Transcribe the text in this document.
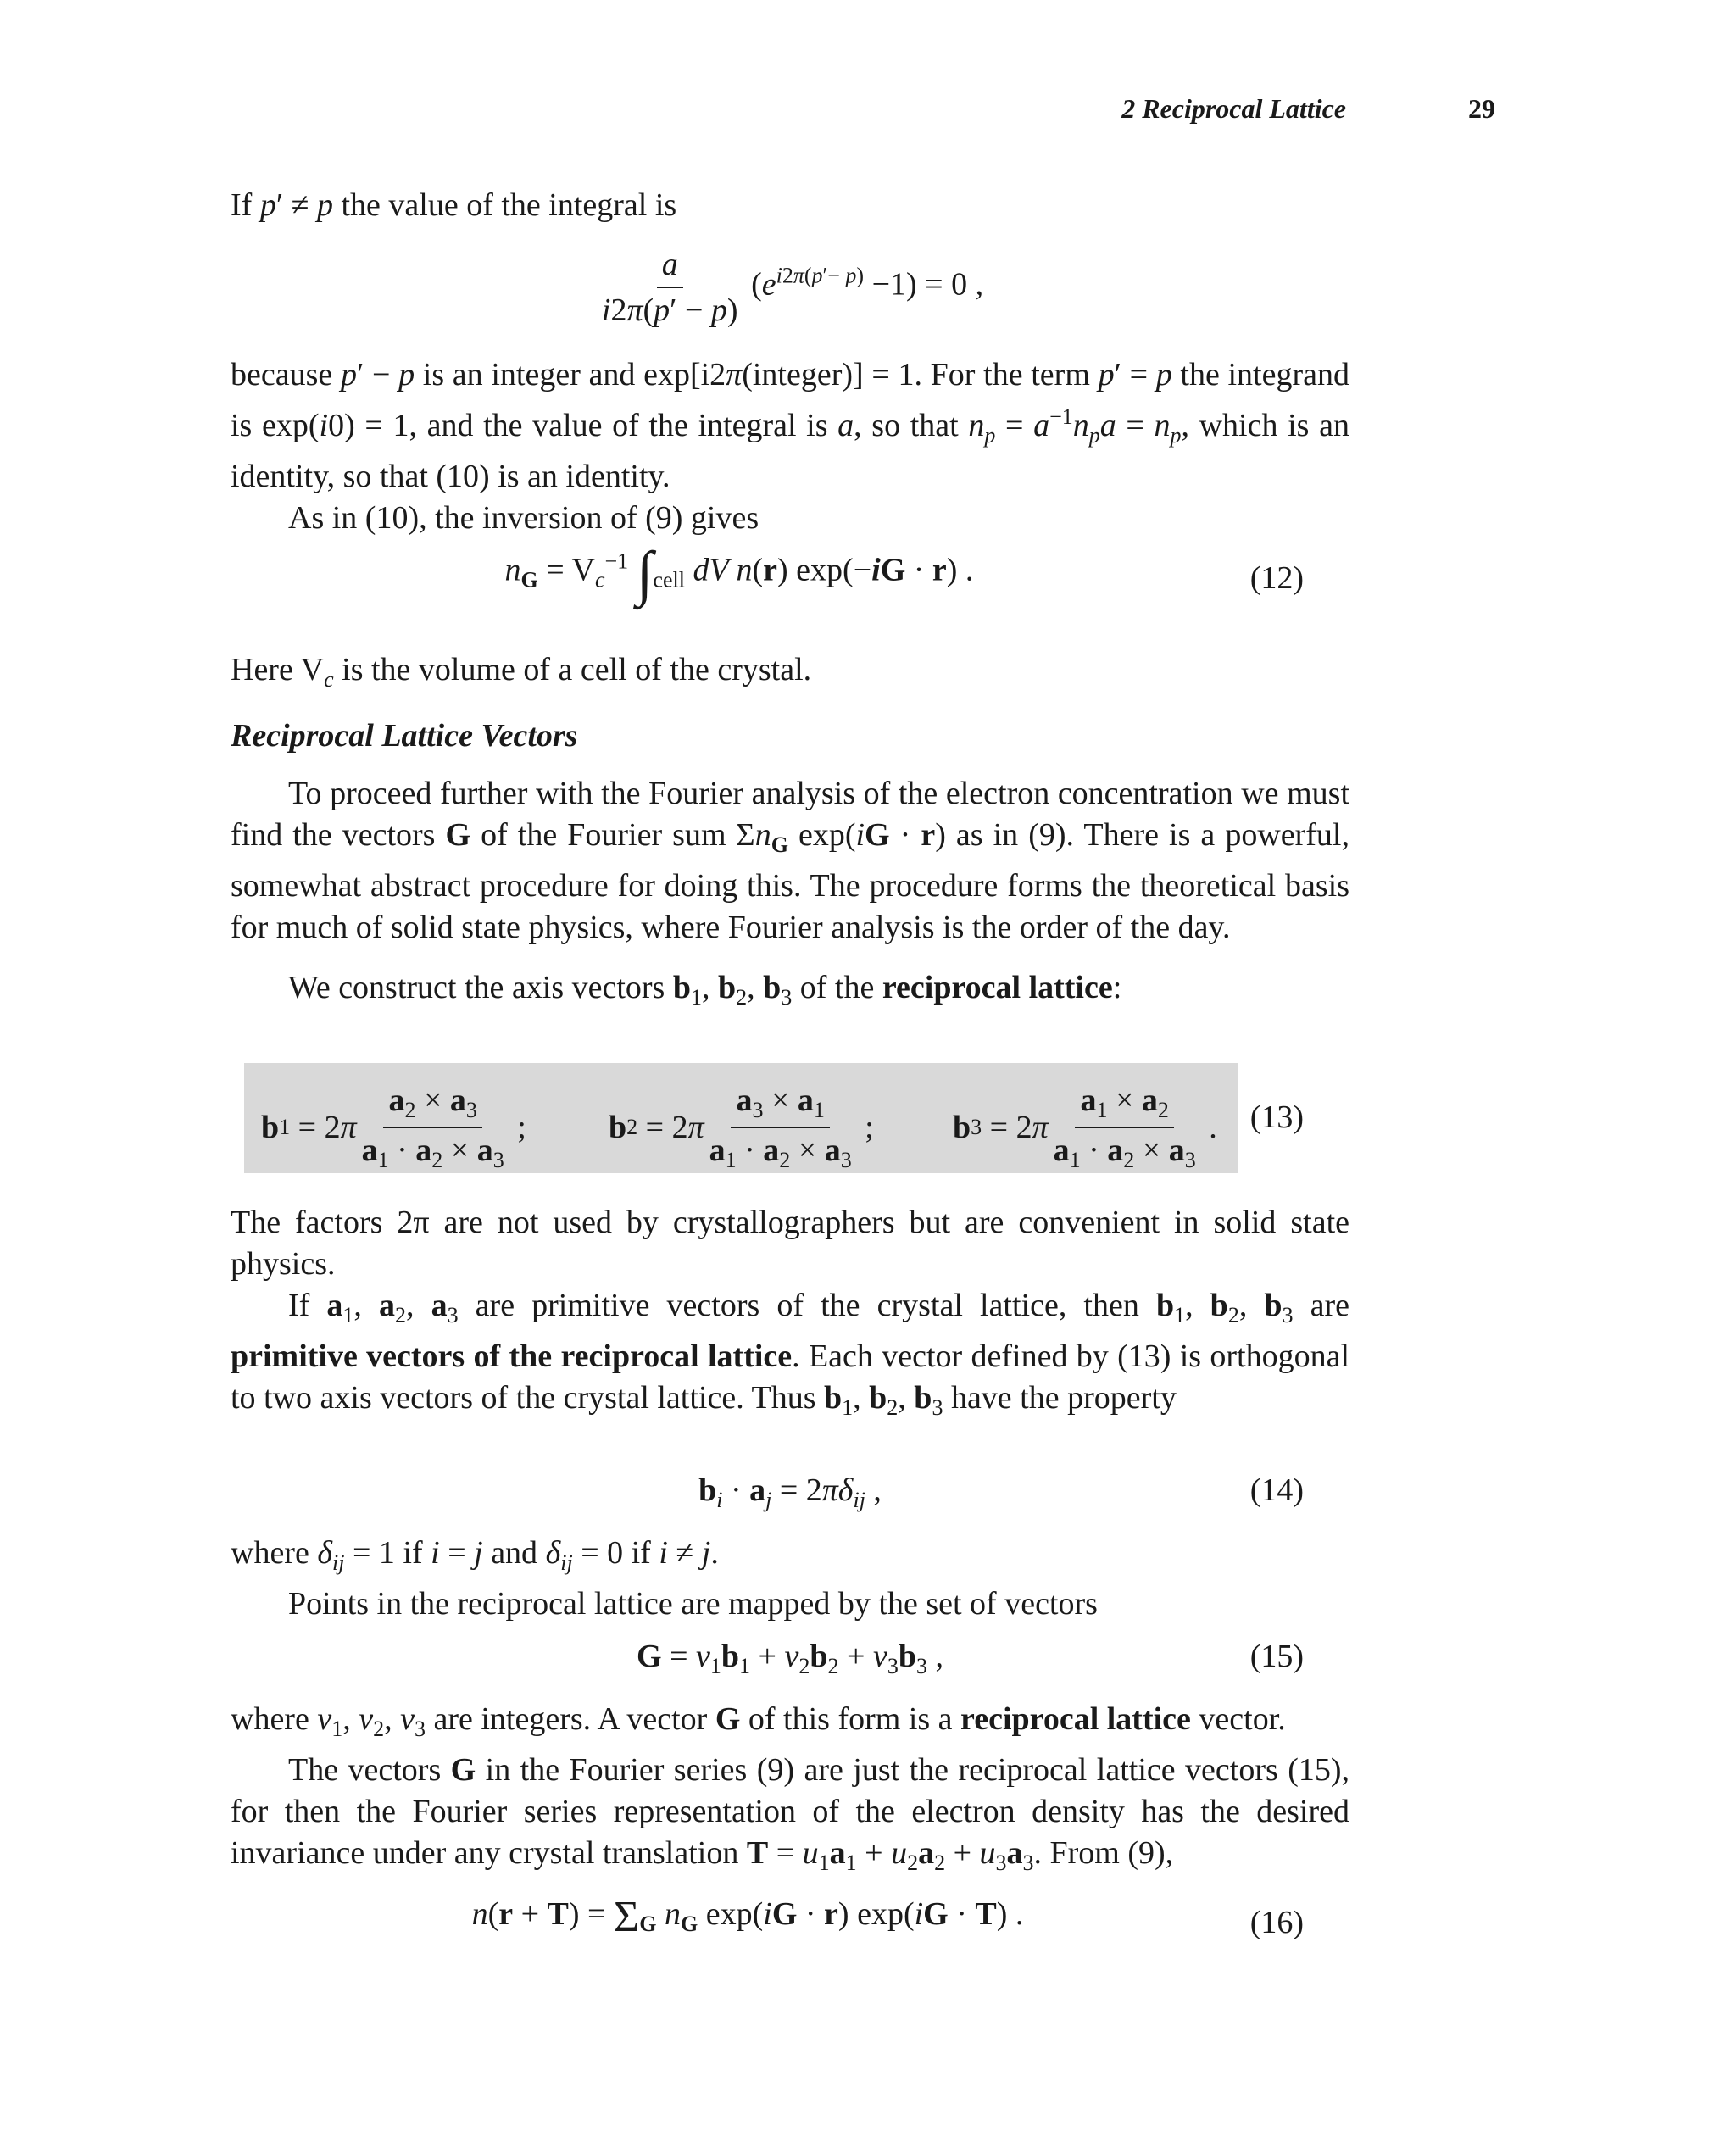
2 Reciprocal Lattice	29

If p′ ≠ p the value of the integral is

$\frac{a}{i2\pi(p' - p)} (e^{i2\pi(p'- p)} -1) = 0$ ,

because p′ − p is an integer and exp[i2π(integer)] = 1. For the term p′ = p the integrand is exp(i0) = 1, and the value of the integral is a, so that $n_p = a^{-1}n_pa = n_p$, which is an identity, so that (10) is an identity.

As in (10), the inversion of (9) gives

$n_G = V_c^{-1}$ $\int_{cell}$ dV n(r) exp(−iG · r) .	(12)

Here $V_c$ is the volume of a cell of the crystal.

Reciprocal Lattice Vectors

To proceed further with the Fourier analysis of the electron concentration we must find the vectors G of the Fourier sum $\Sigma n_G$ exp(iG · r) as in (9). There is a powerful, somewhat abstract procedure for doing this. The procedure forms the theoretical basis for much of solid state physics, where Fourier analysis is the order of the day.

We construct the axis vectors $b_1$, $b_2$, $b_3$ of the reciprocal lattice:

b 1 = 2 π $\frac{a_2 \times a_3}{a_1 \cdot a_2 \times a_3}$ ;	b 2 = 2 π $\frac{a_3 \times a_1}{a_1 \cdot a_2 \times a_3}$ ; b 3 = 2 π $\frac{a_1 \times a_2}{a_1 \cdot a_2 \times a_3}$ . (13)

The factors 2π are not used by crystallographers but are convenient in solid state physics.

If $a_1$, $a_2$, $a_3$ are primitive vectors of the crystal lattice, then $b_1$, $b_2$, $b_3$ are primitive vectors of the reciprocal lattice. Each vector defined by (13) is orthogonal to two axis vectors of the crystal lattice. Thus $b_1$, $b_2$, $b_3$ have the property

$b_i \cdot a_j = 2\pi\delta_{ij}$ ,	(14)

where $\delta_{ij} = 1$ if i = j and $\delta_{ij} = 0$ if i ≠ j.

Points in the reciprocal lattice are mapped by the set of vectors

$G = v_1b_1 + v_2b_2 + v_3b_3$ ,	(15)

where $v_1$, $v_2$, $v_3$ are integers. A vector G of this form is a reciprocal lattice vector.

The vectors G in the Fourier series (9) are just the reciprocal lattice vectors (15), for then the Fourier series representation of the electron density has the desired invariance under any crystal translation $T = u_1a_1 + u_2a_2 + u_3a_3$. From (9),

$n(r + T) = \Sigma_G$ $n_G$ exp(iG · r) exp(iG · T) .	(16)
